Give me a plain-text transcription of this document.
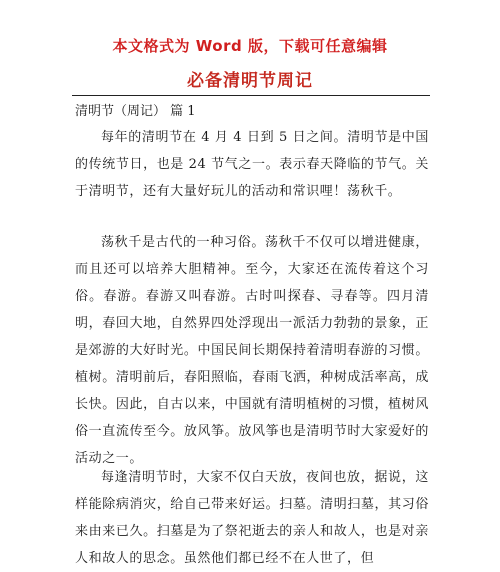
本文格式为 Word 版，下载可任意编辑
必备清明节周记
清明节（周记） 篇 1
每年的清明节在 4 月 4 日到 5 日之间。清明节是中国的传统节日，也是 24 节气之一。表示春天降临的节气。关于清明节，还有大量好玩儿的活动和常识哩！荡秋千。
荡秋千是古代的一种习俗。荡秋千不仅可以增进健康，而且还可以培养大胆精神。至今，大家还在流传着这个习俗。春游。春游又叫春游。古时叫探春、寻春等。四月清明，春回大地，自然界四处浮现出一派活力勃勃的景象，正是郊游的大好时光。中国民间长期保持着清明春游的习惯。植树。清明前后，春阳照临，春雨飞洒，种树成活率高，成长快。因此，自古以来，中国就有清明植树的习惯，植树风俗一直流传至今。放风筝。放风筝也是清明节时大家爱好的活动之一。
每逢清明节时，大家不仅白天放，夜间也放，据说，这样能除病消灾，给自己带来好运。扫墓。清明扫墓，其习俗来由来已久。扫墓是为了祭祀逝去的亲人和故人，也是对亲人和故人的思念。虽然他们都已经不在人世了，但
